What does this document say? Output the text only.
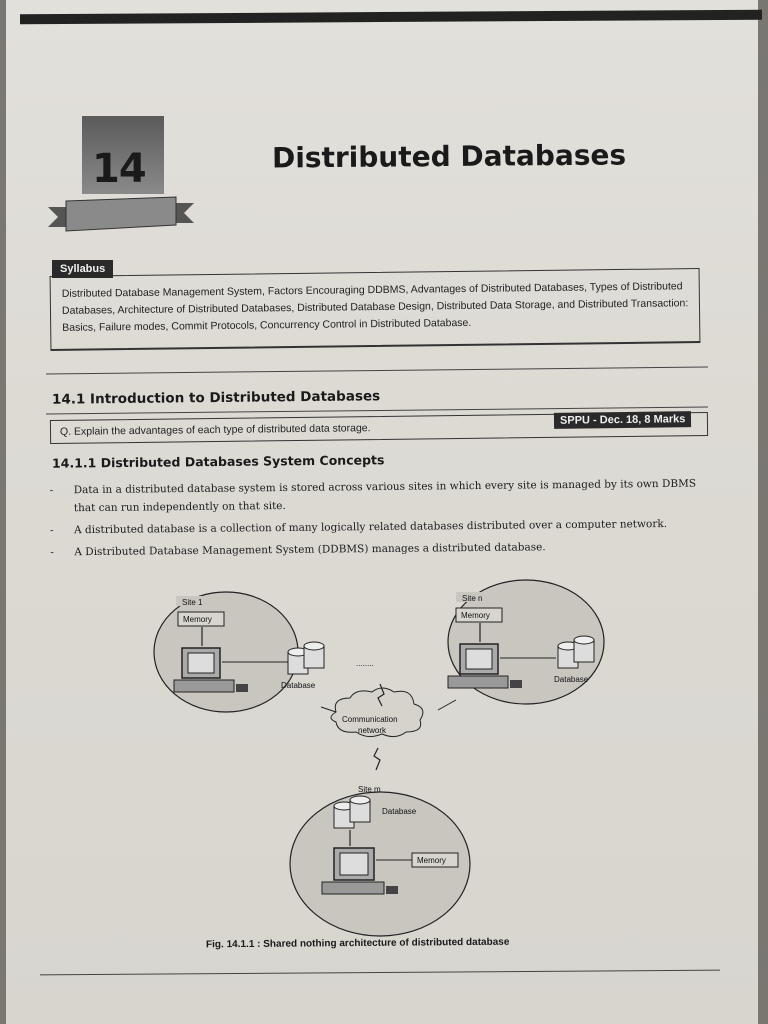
14	Distributed Databases
Syllabus
Distributed Database Management System, Factors Encouraging DDBMS, Advantages of Distributed Databases, Types of Distributed Databases, Architecture of Distributed Databases, Distributed Database Design, Distributed Data Storage, and Distributed Transaction: Basics, Failure modes, Commit Protocols, Concurrency Control in Distributed Database.
14.1 Introduction to Distributed Databases
Q. Explain the advantages of each type of distributed data storage.
SPPU - Dec. 18, 8 Marks
14.1.1 Distributed Databases System Concepts
-	Data in a distributed database system is stored across various sites in which every site is managed by its own DBMS that can run independently on that site.
-	A distributed database is a collection of many logically related databases distributed over a computer network.
-	A Distributed Database Management System (DDBMS) manages a distributed database.
Site 1
Memory
Database
........
Site n
Memory
Database
Communication
network
Site m
Database
Memory
Fig. 14.1.1 : Shared nothing architecture of distributed database
